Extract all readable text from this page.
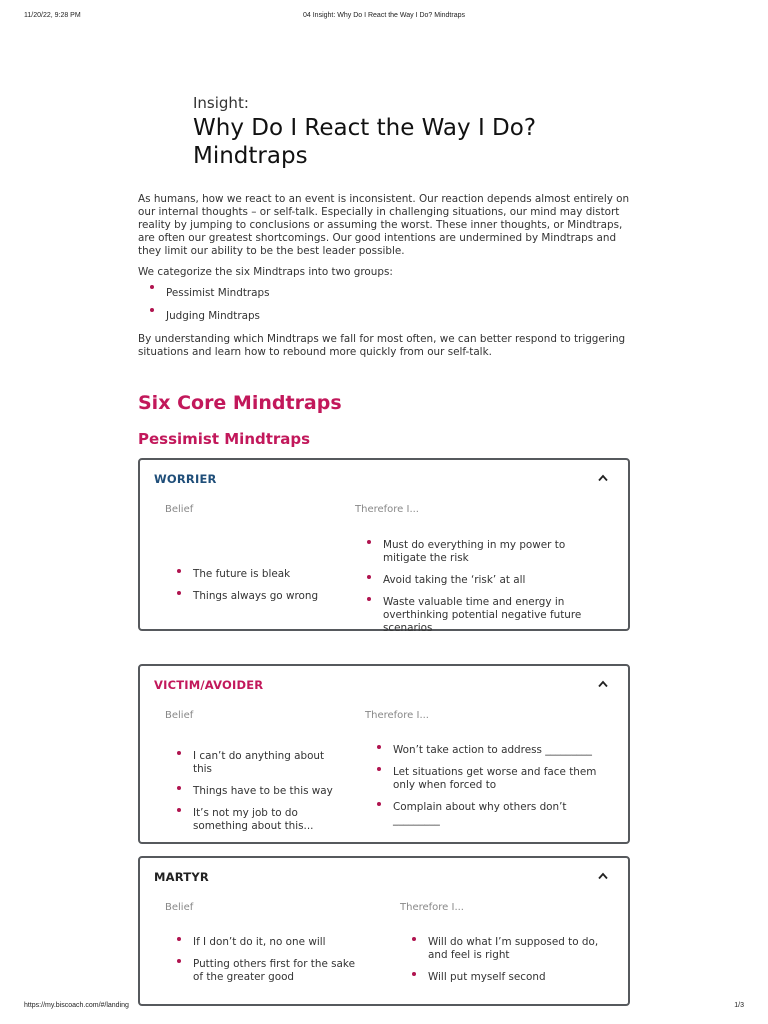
11/20/22, 9:28 PM	04 Insight: Why Do I React the Way I Do? Mindtraps
Insight:
Why Do I React the Way I Do? Mindtraps

As humans, how we react to an event is inconsistent. Our reaction depends almost entirely on our internal thoughts – or self-talk. Especially in challenging situations, our mind may distort reality by jumping to conclusions or assuming the worst. These inner thoughts, or Mindtraps, are often our greatest shortcomings. Our good intentions are undermined by Mindtraps and they limit our ability to be the best leader possible.

We categorize the six Mindtraps into two groups:

Pessimist Mindtraps
Judging Mindtraps

By understanding which Mindtraps we fall for most often, we can better respond to triggering situations and learn how to rebound more quickly from our self-talk.

Six Core Mindtraps
Pessimist Mindtraps
WORRIER
Belief	Therefore I...
The future is bleak
Things always go wrong
Must do everything in my power to mitigate the risk
Avoid taking the ‘risk’ at all
Waste valuable time and energy in overthinking potential negative future scenarios
VICTIM/AVOIDER
Belief	Therefore I...
I can’t do anything about this
Things have to be this way
It’s not my job to do something about this...
Won’t take action to address _________
Let situations get worse and face them only when forced to
Complain about why others don’t _________
MARTYR
Belief	Therefore I...
If I don’t do it, no one will
Putting others first for the sake of the greater good
Will do what I’m supposed to do, and feel is right
Will put myself second
https://my.biscoach.com/#/landing	1/3
